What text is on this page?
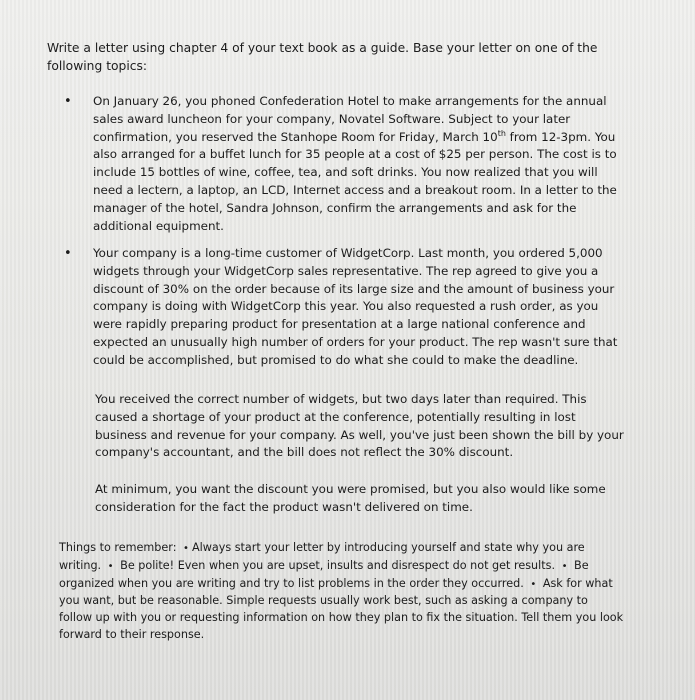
Write a letter using chapter 4 of your text book as a guide. Base your letter on one of the following topics:
• On January 26, you phoned Confederation Hotel to make arrangements for the annual sales award luncheon for your company, Novatel Software. Subject to your later confirmation, you reserved the Stanhope Room for Friday, March 10th from 12-3pm. You also arranged for a buffet lunch for 35 people at a cost of $25 per person. The cost is to include 15 bottles of wine, coffee, tea, and soft drinks. You now realized that you will need a lectern, a laptop, an LCD, Internet access and a breakout room. In a letter to the manager of the hotel, Sandra Johnson, confirm the arrangements and ask for the additional equipment.
• Your company is a long-time customer of WidgetCorp. Last month, you ordered 5,000 widgets through your WidgetCorp sales representative. The rep agreed to give you a discount of 30% on the order because of its large size and the amount of business your company is doing with WidgetCorp this year. You also requested a rush order, as you were rapidly preparing product for presentation at a large national conference and expected an unusually high number of orders for your product. The rep wasn't sure that could be accomplished, but promised to do what she could to make the deadline.
You received the correct number of widgets, but two days later than required. This caused a shortage of your product at the conference, potentially resulting in lost business and revenue for your company. As well, you've just been shown the bill by your company's accountant, and the bill does not reflect the 30% discount.
At minimum, you want the discount you were promised, but you also would like some consideration for the fact the product wasn't delivered on time.
Things to remember: • Always start your letter by introducing yourself and state why you are writing. • Be polite! Even when you are upset, insults and disrespect do not get results. • Be organized when you are writing and try to list problems in the order they occurred. • Ask for what you want, but be reasonable. Simple requests usually work best, such as asking a company to follow up with you or requesting information on how they plan to fix the situation. Tell them you look forward to their response.
